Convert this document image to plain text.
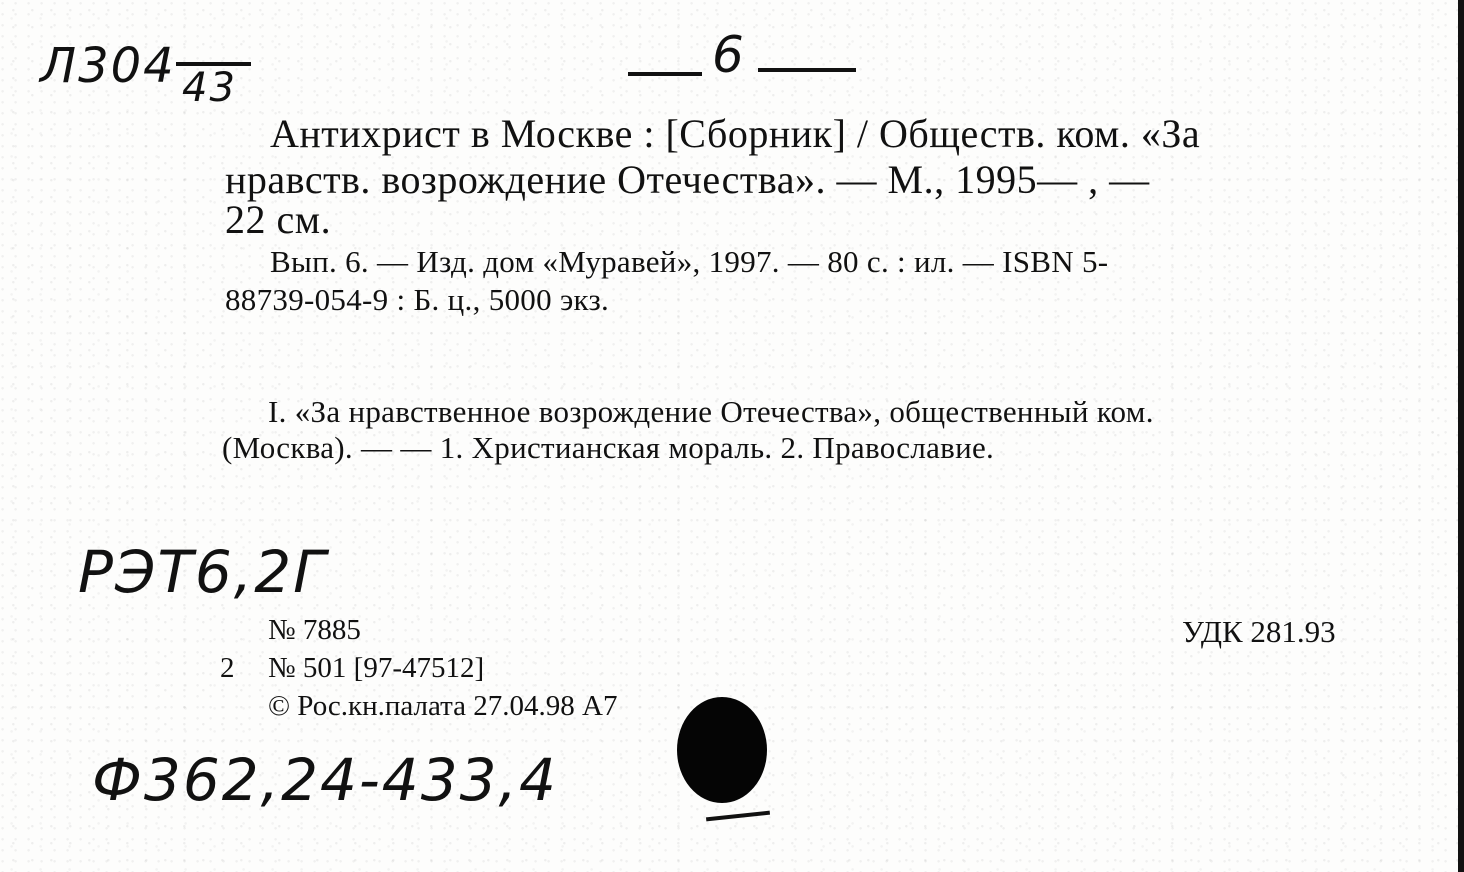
Л304 43
6
Антихрист в Москве : [Сборник] / Обществ. ком. «За
нравств. возрождение Отечества». — М., 1995— , —
22 см.
Вып. 6. — Изд. дом «Муравей», 1997. — 80 с. : ил. — ISBN 5-
88739-054-9 : Б. ц., 5000 экз.
I. «За нравственное возрождение Отечества», общественный ком.
(Москва). — — 1. Христианская мораль. 2. Православие.
РЭТ6,2Г
№ 7885
2 № 501 [97-47512]
© Рос.кн.палата 27.04.98 А7
УДК 281.93
Ф362,24-433,4
